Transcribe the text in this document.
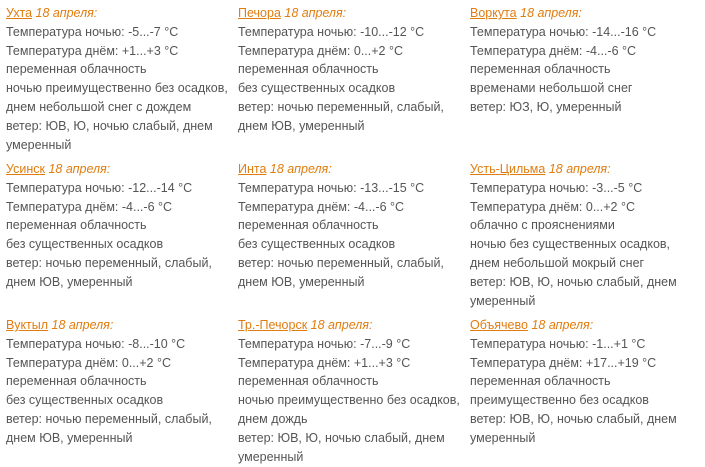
Ухта 18 апреля:
Температура ночью: -5...-7 °C
Температура днём: +1...+3 °C
переменная облачность
ночью преимущественно без осадков, днем небольшой снег с дождем
ветер: ЮВ, Ю, ночью слабый, днем умеренный
Печора 18 апреля:
Температура ночью: -10...-12 °C
Температура днём: 0...+2 °C
переменная облачность
без существенных осадков
ветер: ночью переменный, слабый, днем ЮВ, умеренный
Воркута 18 апреля:
Температура ночью: -14...-16 °C
Температура днём: -4...-6 °C
переменная облачность
временами небольшой снег
ветер: ЮЗ, Ю, умеренный
Усинск 18 апреля:
Температура ночью: -12...-14 °C
Температура днём: -4...-6 °C
переменная облачность
без существенных осадков
ветер: ночью переменный, слабый, днем ЮВ, умеренный
Инта 18 апреля:
Температура ночью: -13...-15 °C
Температура днём: -4...-6 °C
переменная облачность
без существенных осадков
ветер: ночью переменный, слабый, днем ЮВ, умеренный
Усть-Цильма 18 апреля:
Температура ночью: -3...-5 °C
Температура днём: 0...+2 °C
облачно с прояснениями
ночью без существенных осадков, днем небольшой мокрый снег
ветер: ЮВ, Ю, ночью слабый, днем умеренный
Вуктыл 18 апреля:
Температура ночью: -8...-10 °C
Температура днём: 0...+2 °C
переменная облачность
без существенных осадков
ветер: ночью переменный, слабый, днем ЮВ, умеренный
Тр.-Печорск 18 апреля:
Температура ночью: -7...-9 °C
Температура днём: +1...+3 °C
переменная облачность
ночью преимущественно без осадков, днем дождь
ветер: ЮВ, Ю, ночью слабый, днем умеренный
Объячево 18 апреля:
Температура ночью: -1...+1 °C
Температура днём: +17...+19 °C
переменная облачность
преимущественно без осадков
ветер: ЮВ, Ю, ночью слабый, днем умеренный
